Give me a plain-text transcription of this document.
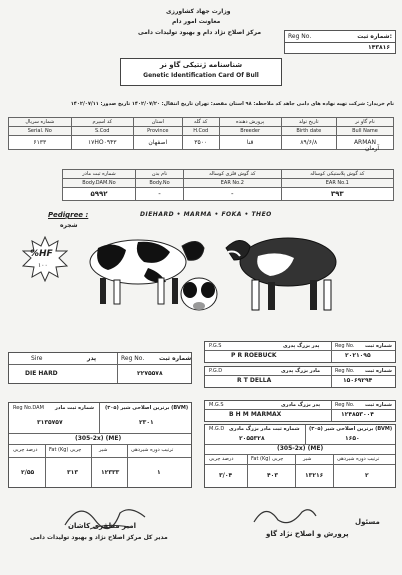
وزارت جهاد کشاورزی
معاونت امور دام
مرکز اصلاح نژاد دام و بهبود تولیدات دامی
شماره ثبت:
Reg No.
۱۴۳۸۱۶
شناسنامه ژنتیکی گاو نر
Genetic Identification Card Of Bull
نام خریدار: شرکت تهیه نهاده های دامی جاهد کد ملاحظه: ۹۸ استان مقصد: تهران تاریخ انتقال: ۱۴۰۲/۰۷/۲۰ تاریخ صدور: ۱۴۰۲/۰۷/۱۱
شماره سریال	کد اسپرم	استان	کد گله	پرورش دهنده	تاریخ تولد	نام گاو نر
Serial. No	S.Cod	Province	H.Cod	Breeder	Birth date	Bull Name
۶۱۳۳	۱۷HO۰۹۴۳	اصفهان	۳۵۰۰	قنا	۸۹/۶/۸	ARMAN
آرمان
شماره ثبت مادر	نام بدن	کد گوش فلزی کوساله	کد گوش پلاستیکی کوساله
Body.DAM.No	Body.No	EAR No.2	EAR No.1
۵۹۹۲	-	-	۳۹۳
Pedigree :
شجره
DIEHARD • MARMA • FOKA • THEO
%HF
۱۰۰
Sire	پدر	Reg No. شماره ثبت
DIE HARD	۲۲۷۵۵۷۸
P.G.S	پدر بزرگ پدری	Reg No. شماره ثبت
P R ROEBUCK	۲۰۲۱۰۹۵
P.G.D	مادر بزرگ پدری	Reg No. شماره ثبت
R T DELLA	۱۵۰۶۹۲۹۴
M.G.S	پدر بزرگ مادری	Reg No. شماره ثبت
B H M MARMAX	۱۲۴۸۵۳۰۰۴
Reg No.DAM شماره ثبت مادر برترین اصلاحی شیر (۳۰۵) (BVM)
۳۱۳۵۷۵۷	۲۳۰۱
(305-2x) (ME)
درصد چربی Fat (Kg) چربی	شیر	ترتیب دوره شیردهی
۲/۵۵	۳۱۳	۱۲۳۳۳	۱
M.G.D شماره ثبت مادر بزرگ مادری برترین اصلاحی شیر (۳۰۵) (BVM)
۲۰۵۵۳۲۸	۱۶۵۰
(305-2x) (ME)
درصد چربی	Fat (Kg) چربی	شیر	ترتیب دوره شیردهی
۳/۰۴	۴۰۳	۱۳۲۱۶	۲
امیر مظفری کاشان
مدیر کل مرکز اصلاح نژاد و بهبود تولیدات دامی
مسئول
پرورش و اصلاح نژاد گاو
